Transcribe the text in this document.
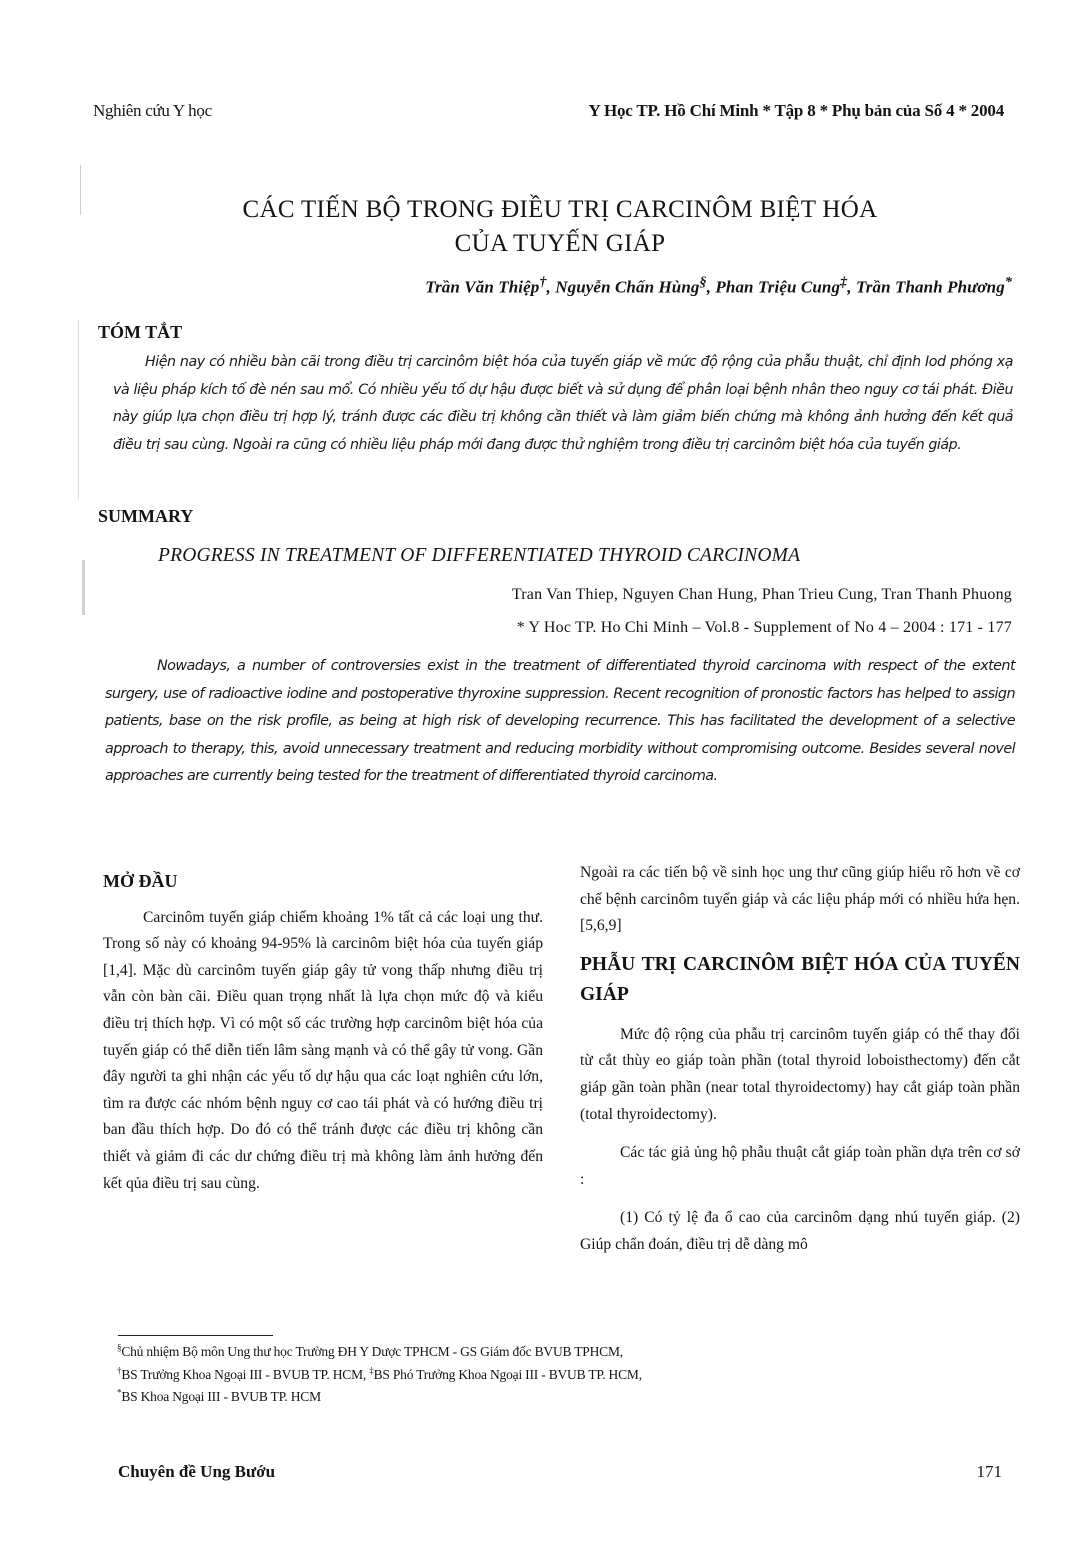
Nghiên cứu Y học	Y Học TP. Hồ Chí Minh * Tập 8 * Phụ bản của Số 4 * 2004
CÁC TIẾN BỘ TRONG ĐIỀU TRỊ CARCINÔM BIỆT HÓA
CỦA TUYẾN GIÁP
Trần Văn Thiệp†, Nguyễn Chấn Hùng§, Phan Triệu Cung‡, Trần Thanh Phương*
TÓM TẮT
Hiện nay có nhiều bàn cãi trong điều trị carcinôm biệt hóa của tuyến giáp về mức độ rộng của phẫu thuật, chỉ định Iod phóng xạ và liệu pháp kích tố đè nén sau mổ. Có nhiều yếu tố dự hậu được biết và sử dụng để phân loại bệnh nhân theo nguy cơ tái phát. Điều này giúp lựa chọn điều trị hợp lý, tránh được các điều trị không cần thiết và làm giảm biến chứng mà không ảnh hưởng đến kết quả điều trị sau cùng. Ngoài ra cũng có nhiều liệu pháp mới đang được thử nghiệm trong điều trị carcinôm biệt hóa của tuyến giáp.
SUMMARY
PROGRESS IN TREATMENT OF DIFFERENTIATED THYROID CARCINOMA
Tran Van Thiep, Nguyen Chan Hung, Phan Trieu Cung, Tran Thanh Phuong
* Y Hoc TP. Ho Chi Minh – Vol.8 - Supplement of No 4 – 2004 : 171 - 177
Nowadays, a number of controversies exist in the treatment of differentiated thyroid carcinoma with respect of the extent surgery, use of radioactive iodine and postoperative thyroxine suppression. Recent recognition of pronostic factors has helped to assign patients, base on the risk profile, as being at high risk of developing recurrence. This has facilitated the development of a selective approach to therapy, this, avoid unnecessary treatment and reducing morbidity without compromising outcome. Besides several novel approaches are currently being tested for the treatment of differentiated thyroid carcinoma.

MỞ ĐẦU

Carcinôm tuyến giáp chiếm khoảng 1% tất cả các loại ung thư. Trong số này có khoảng 94-95% là carcinôm biệt hóa của tuyến giáp [1,4]. Mặc dù carcinôm tuyến giáp gây tử vong thấp nhưng điều trị vẫn còn bàn cãi. Điều quan trọng nhất là lựa chọn mức độ và kiểu điều trị thích hợp. Vì có một số các trường hợp carcinôm biệt hóa của tuyến giáp có thể diễn tiến lâm sàng mạnh và có thể gây tử vong. Gần đây người ta ghi nhận các yếu tố dự hậu qua các loạt nghiên cứu lớn, tìm ra được các nhóm bệnh nguy cơ cao tái phát và có hướng điều trị ban đầu thích hợp. Do đó có thể tránh được các điều trị không cần thiết và giảm đi các dư chứng điều trị mà không làm ảnh hưởng đến kết qủa điều trị sau cùng.

Ngoài ra các tiến bộ về sinh học ung thư cũng giúp hiểu rõ hơn về cơ chế bệnh carcinôm tuyến giáp và các liệu pháp mới có nhiều hứa hẹn. [5,6,9]

PHẪU TRỊ CARCINÔM BIỆT HÓA CỦA TUYẾN GIÁP

Mức độ rộng của phẫu trị carcinôm tuyến giáp có thể thay đổi từ cắt thùy eo giáp toàn phần (total thyroid loboisthectomy) đến cắt giáp gần toàn phần (near total thyroidectomy) hay cắt giáp toàn phần (total thyroidectomy).

Các tác giả ủng hộ phẫu thuật cắt giáp toàn phần dựa trên cơ sở :

(1) Có tỷ lệ đa ổ cao của carcinôm dạng nhú tuyến giáp. (2) Giúp chẩn đoán, điều trị dễ dàng mô

§Chủ nhiệm Bộ môn Ung thư học Trường ĐH Y Dược TPHCM - GS Giám đốc BVUB TPHCM,
†BS Trưởng Khoa Ngoại III - BVUB TP. HCM, ‡BS Phó Trưởng Khoa Ngoại III - BVUB TP. HCM,
*BS Khoa Ngoại III - BVUB TP. HCM
Chuyên đề Ung Bướu	171
